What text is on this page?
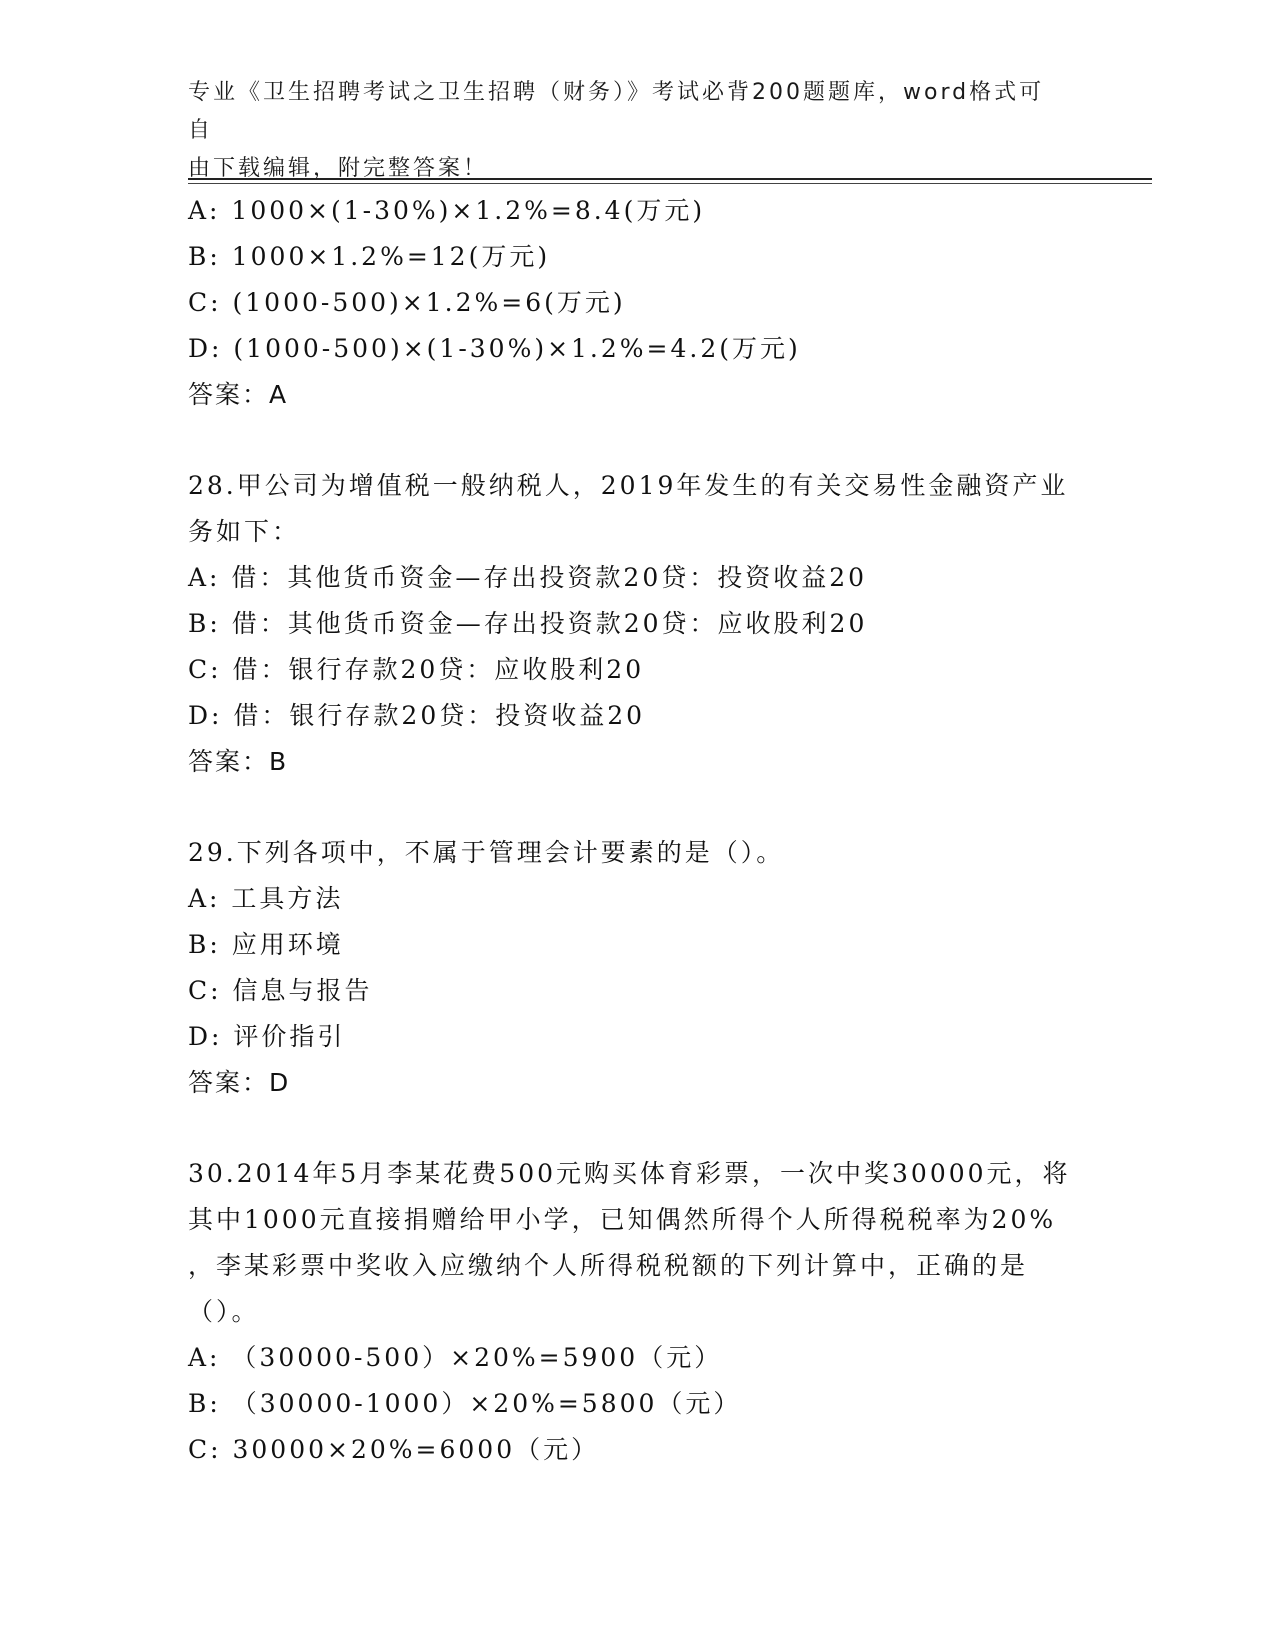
专业《卫生招聘考试之卫生招聘（财务）》考试必背200题题库，word格式可自
由下载编辑，附完整答案！
A: 1000×(1-30%)×1.2%=8.4(万元)
B: 1000×1.2%=12(万元)
C: (1000-500)×1.2%=6(万元)
D: (1000-500)×(1-30%)×1.2%=4.2(万元)
答案：A
28.甲公司为增值税一般纳税人，2019年发生的有关交易性金融资产业
务如下：
A: 借：其他货币资金—存出投资款20贷：投资收益20
B: 借：其他货币资金—存出投资款20贷：应收股利20
C: 借：银行存款20贷：应收股利20
D: 借：银行存款20贷：投资收益20
答案：B
29.下列各项中，不属于管理会计要素的是（）。
A: 工具方法
B: 应用环境
C: 信息与报告
D: 评价指引
答案：D
30.2014年5月李某花费500元购买体育彩票，一次中奖30000元，将
其中1000元直接捐赠给甲小学，已知偶然所得个人所得税税率为20%
，李某彩票中奖收入应缴纳个人所得税税额的下列计算中，正确的是
（）。
A: （30000-500）×20%=5900（元）
B: （30000-1000）×20%=5800（元）
C: 30000×20%=6000（元）
